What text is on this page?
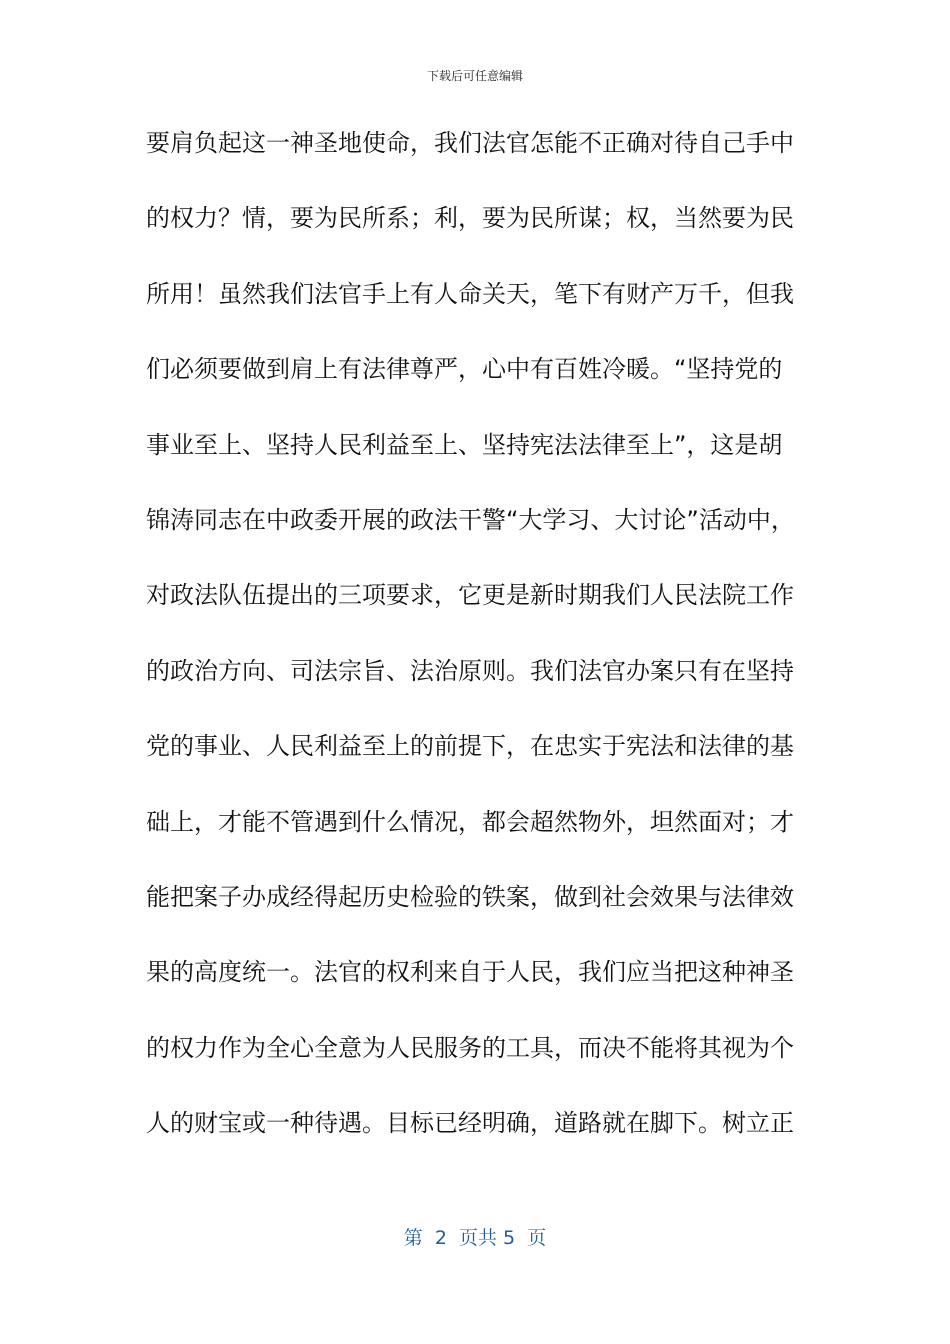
下载后可任意编辑
要肩负起这一神圣地使命，我们法官怎能不正确对待自己手中
的权力？情，要为民所系；利，要为民所谋；权，当然要为民
所用！虽然我们法官手上有人命关天，笔下有财产万千，但我
们必须要做到肩上有法律尊严，心中有百姓冷暖。“坚持党的
事业至上、坚持人民利益至上、坚持宪法法律至上”，这是胡
锦涛同志在中政委开展的政法干警“大学习、大讨论”活动中，
对政法队伍提出的三项要求，它更是新时期我们人民法院工作
的政治方向、司法宗旨、法治原则。我们法官办案只有在坚持
党的事业、人民利益至上的前提下，在忠实于宪法和法律的基
础上，才能不管遇到什么情况，都会超然物外，坦然面对；才
能把案子办成经得起历史检验的铁案，做到社会效果与法律效
果的高度统一。法官的权利来自于人民，我们应当把这种神圣
的权力作为全心全意为人民服务的工具，而决不能将其视为个
人的财宝或一种待遇。目标已经明确，道路就在脚下。树立正
第  2  页共 5  页
